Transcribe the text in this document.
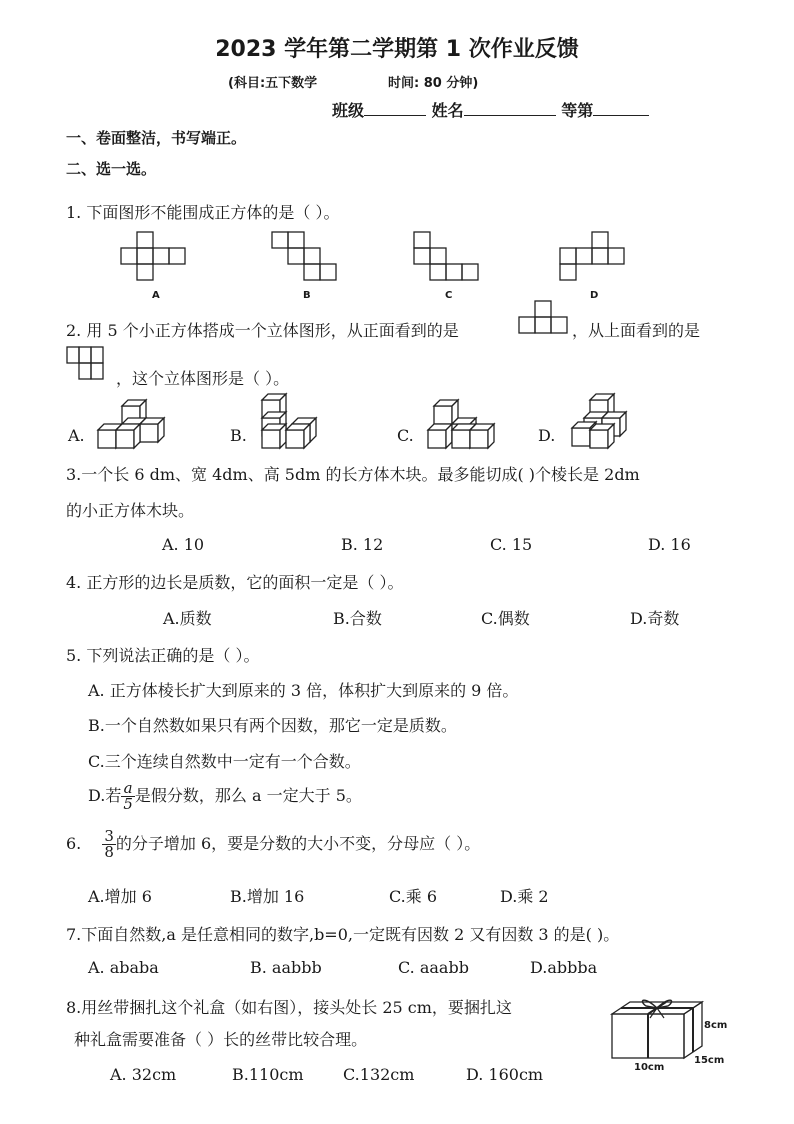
2023 学年第二学期第 1 次作业反馈
(科目:五下数学	时间: 80 分钟)
班级	姓名	等第
一、卷面整洁，书写端正。
二、选一选。
1. 下面图形不能围成正方体的是（ ）。
A	B	C	D
2. 用 5 个小正方体搭成一个立体图形，从正面看到的是	，从上面看到的是
，这个立体图形是（ ）。
A.	B.	C.	D.
3.一个长 6 dm、宽 4dm、高 5dm 的长方体木块。最多能切成( )个棱长是 2dm
的小正方体木块。
A. 10	B. 12	C. 15	D. 16
4. 正方形的边长是质数，它的面积一定是（ ）。
A.质数	B.合数	C.偶数	D.奇数
5. 下列说法正确的是（ ）。
A. 正方体棱长扩大到原来的 3 倍，体积扩大到原来的 9 倍。
B.一个自然数如果只有两个因数，那它一定是质数。
C.三个连续自然数中一定有一个合数。
D.若 $\frac{a}{5}$ 是假分数，那么 a 一定大于 5。
6. $\frac{3}{8}$ 的分子增加 6，要是分数的大小不变，分母应（ ）。
A.增加 6	B.增加 16	C.乘 6	D.乘 2
7.下面自然数,a 是任意相同的数字,b=0,一定既有因数 2 又有因数 3 的是( )。
A. ababa	B. aabbb	C. aaabb	D.abbba
8.用丝带捆扎这个礼盒（如右图），接头处长 25 cm，要捆扎这
种礼盒需要准备（ ）长的丝带比较合理。
A. 32cm	B.110cm C.132cm	D. 160cm
8cm
15cm
10cm
